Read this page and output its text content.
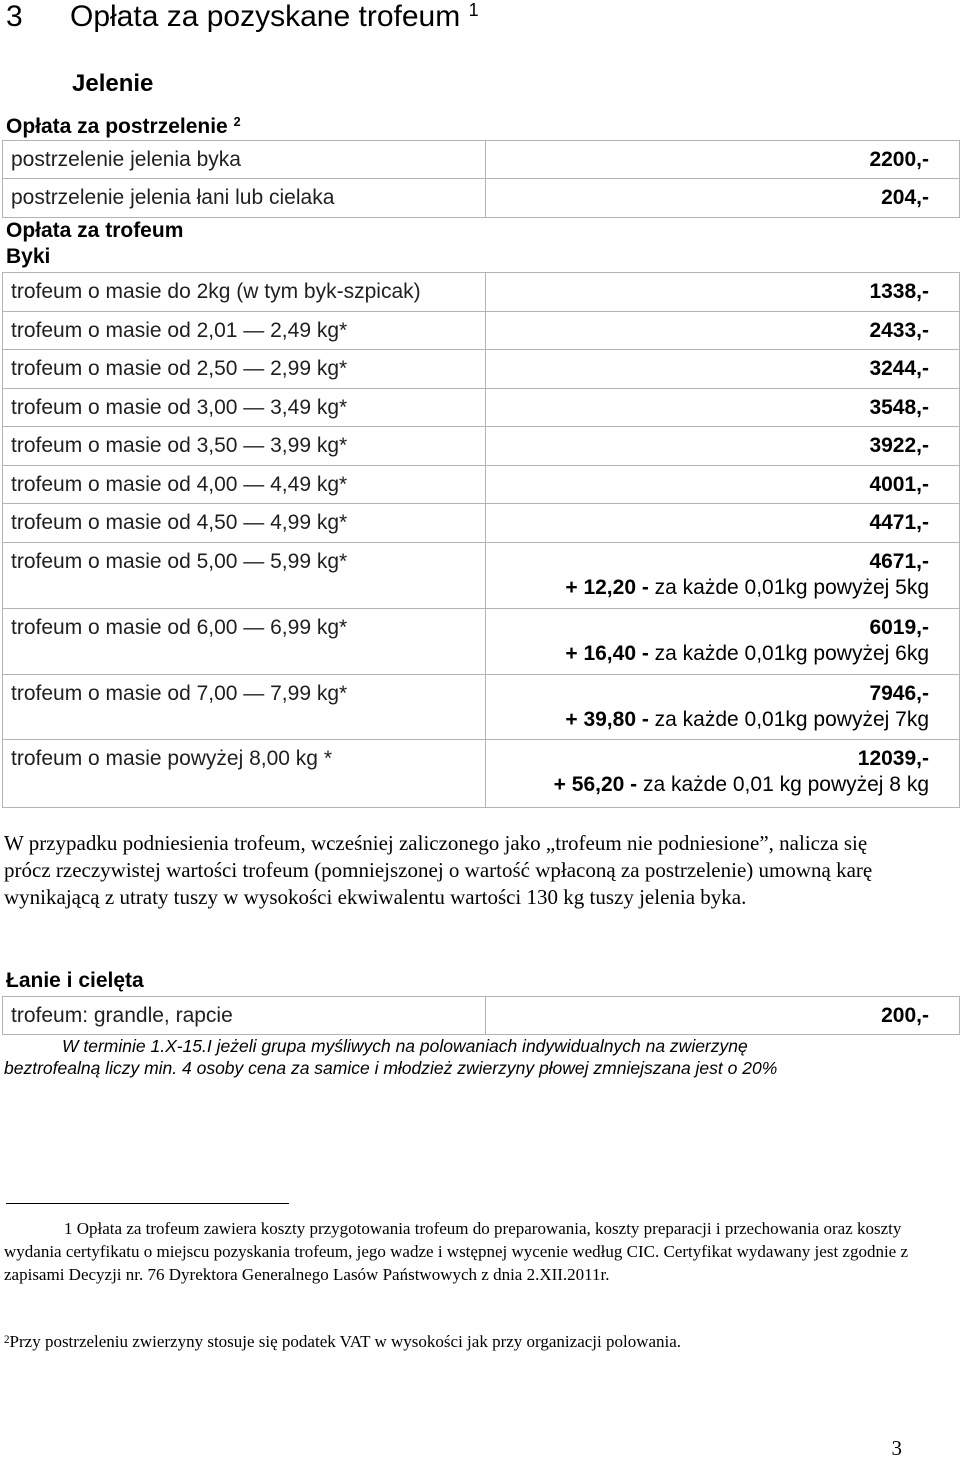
3 Opłata za pozyskane trofeum $^1$
Jelenie
Opłata za postrzelenie $^2$
postrzelenie jelenia byka	2200,-
postrzelenie jelenia łani lub cielaka	204,-
Opłata za trofeum
Byki
trofeum o masie do 2kg (w tym byk-szpicak)	1338,-
trofeum o masie od 2,01 — 2,49 kg*	2433,-
trofeum o masie od 2,50 — 2,99 kg*	3244,-
trofeum o masie od 3,00 — 3,49 kg*	3548,-
trofeum o masie od 3,50 — 3,99 kg*	3922,-
trofeum o masie od 4,00 — 4,49 kg*	4001,-
trofeum o masie od 4,50 — 4,99 kg*	4471,-
trofeum o masie od 5,00 — 5,99 kg*	4671,-
+ 12,20 - za każde 0,01kg powyżej 5kg

trofeum o masie od 6,00 — 6,99 kg*	6019,-
+ 16,40 - za każde 0,01kg powyżej 6kg

trofeum o masie od 7,00 — 7,99 kg*	7946,-
+ 39,80 - za każde 0,01kg powyżej 7kg

trofeum o masie powyżej 8,00 kg *	12039,-
+ 56,20 - za każde 0,01 kg powyżej 8 kg
W przypadku podniesienia trofeum, wcześniej zaliczonego jako „trofeum nie podniesione”, nalicza się prócz rzeczywistej wartości trofeum (pomniejszonej o wartość wpłaconą za postrzelenie) umowną karę wynikającą z utraty tuszy w wysokości ekwiwalentu wartości 130 kg tuszy jelenia byka.
Łanie i cielęta
trofeum: grandle, rapcie	200,-
W terminie 1.X-15.I jeżeli grupa myśliwych na polowaniach indywidualnych na zwierzynę
beztrofealną liczy min. 4 osoby cena za samice i młodzież zwierzyny płowej zmniejszana jest o 20%
1 Opłata za trofeum zawiera koszty przygotowania trofeum do preparowania, koszty preparacji i przechowania oraz koszty wydania certyfikatu o miejscu pozyskania trofeum, jego wadze i wstępnej wycenie według CIC. Certyfikat wydawany jest zgodnie z zapisami Decyzji nr. 76 Dyrektora Generalnego Lasów Państwowych z dnia 2.XII.2011r.
$^2$Przy postrzeleniu zwierzyny stosuje się podatek VAT w wysokości jak przy organizacji polowania.
3
